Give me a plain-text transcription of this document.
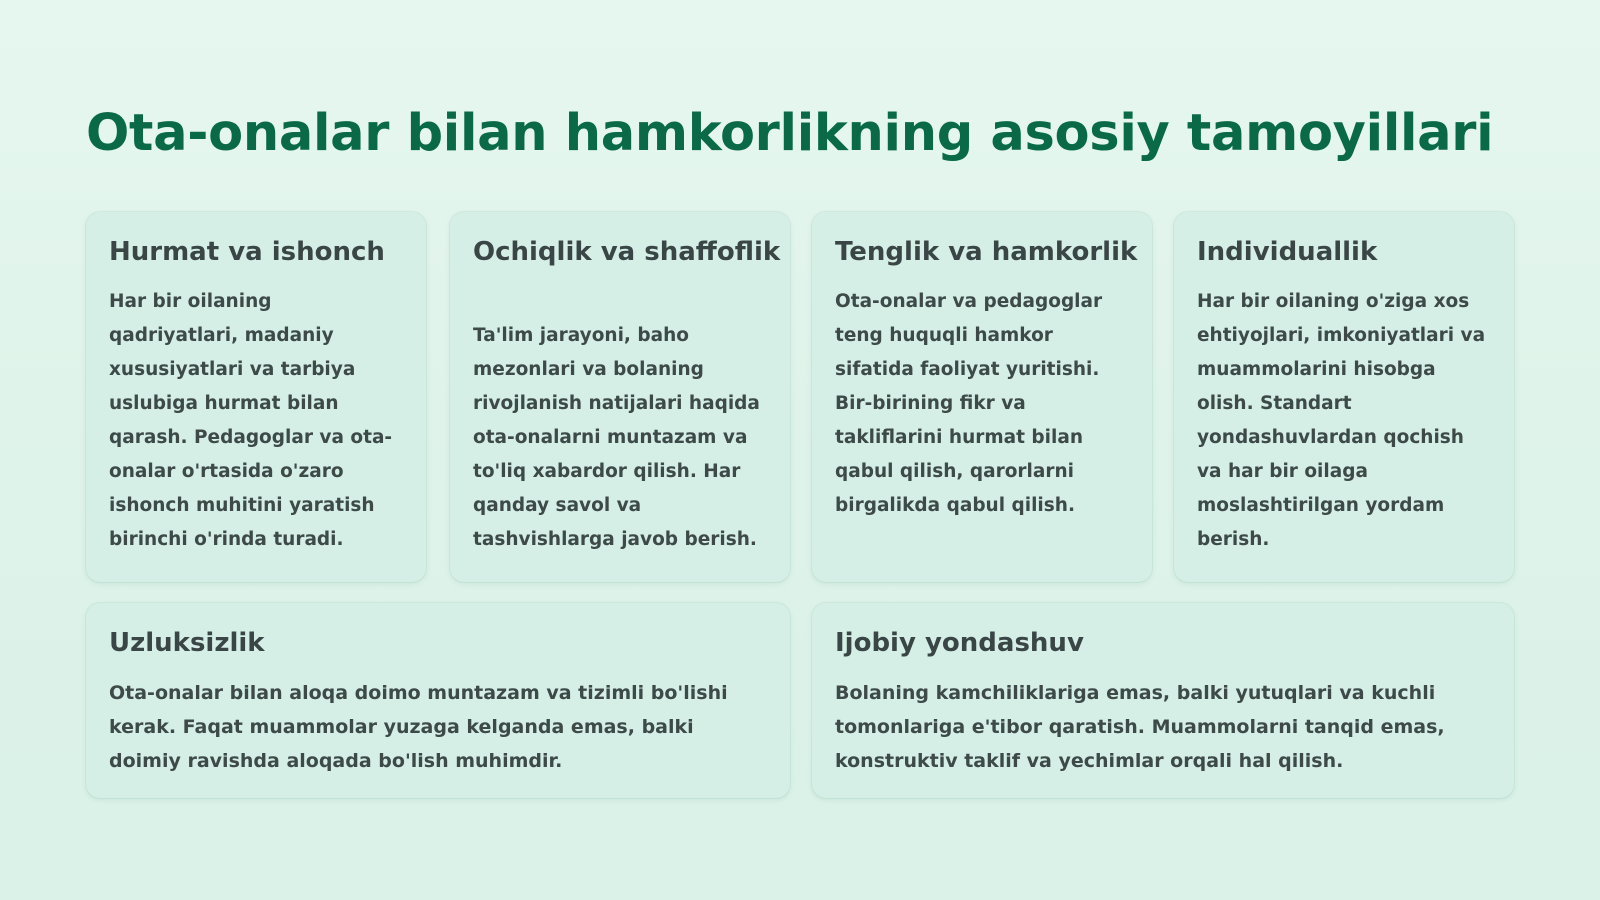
Ota-onalar bilan hamkorlikning asosiy tamoyillari
Hurmat va ishonch

Har bir oilaning qadriyatlari, madaniy xususiyatlari va tarbiya uslubiga hurmat bilan qarash. Pedagoglar va ota-onalar o'rtasida o'zaro ishonch muhitini yaratish birinchi o'rinda turadi.

Ochiqlik va shaffoflik

Ta'lim jarayoni, baho mezonlari va bolaning rivojlanish natijalari haqida ota-onalarni muntazam va to'liq xabardor qilish. Har qanday savol va tashvishlarga javob berish.

Tenglik va hamkorlik

Ota-onalar va pedagoglar teng huquqli hamkor sifatida faoliyat yuritishi. Bir-birining fikr va takliflarini hurmat bilan qabul qilish, qarorlarni birgalikda qabul qilish.

Individuallik

Har bir oilaning o'ziga xos ehtiyojlari, imkoniyatlari va muammolarini hisobga olish. Standart yondashuvlardan qochish va har bir oilaga moslashtirilgan yordam berish.

Uzluksizlik

Ota-onalar bilan aloqa doimo muntazam va tizimli bo'lishi kerak. Faqat muammolar yuzaga kelganda emas, balki doimiy ravishda aloqada bo'lish muhimdir.

Ijobiy yondashuv

Bolaning kamchiliklariga emas, balki yutuqlari va kuchli tomonlariga e'tibor qaratish. Muammolarni tanqid emas, konstruktiv taklif va yechimlar orqali hal qilish.
